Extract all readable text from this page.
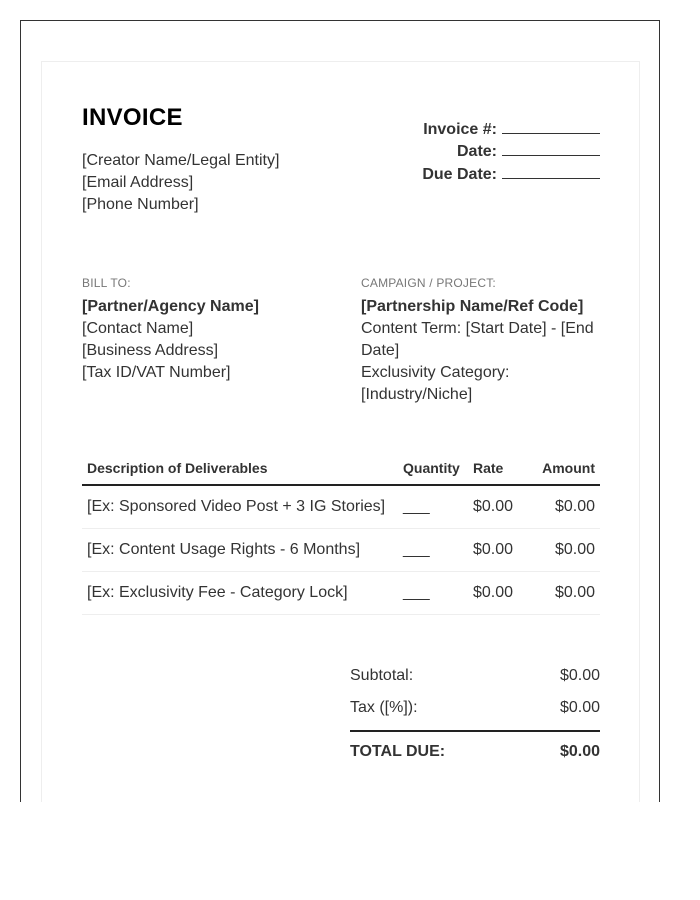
INVOICE
[Creator Name/Legal Entity]
[Email Address]
[Phone Number]
Invoice #:
Date:
Due Date:
BILL TO:
[Partner/Agency Name]
[Contact Name]
[Business Address]
[Tax ID/VAT Number]
CAMPAIGN / PROJECT:
[Partnership Name/Ref Code]
Content Term: [Start Date] - [End Date]
Exclusivity Category: [Industry/Niche]
Description of Deliverables	Quantity	Rate	Amount
[Ex: Sponsored Video Post + 3 IG Stories]	___	$0.00	$0.00
[Ex: Content Usage Rights - 6 Months]	___	$0.00	$0.00
[Ex: Exclusivity Fee - Category Lock]	___	$0.00	$0.00
Subtotal:	$0.00
Tax ([%]):	$0.00
TOTAL DUE:	$0.00
